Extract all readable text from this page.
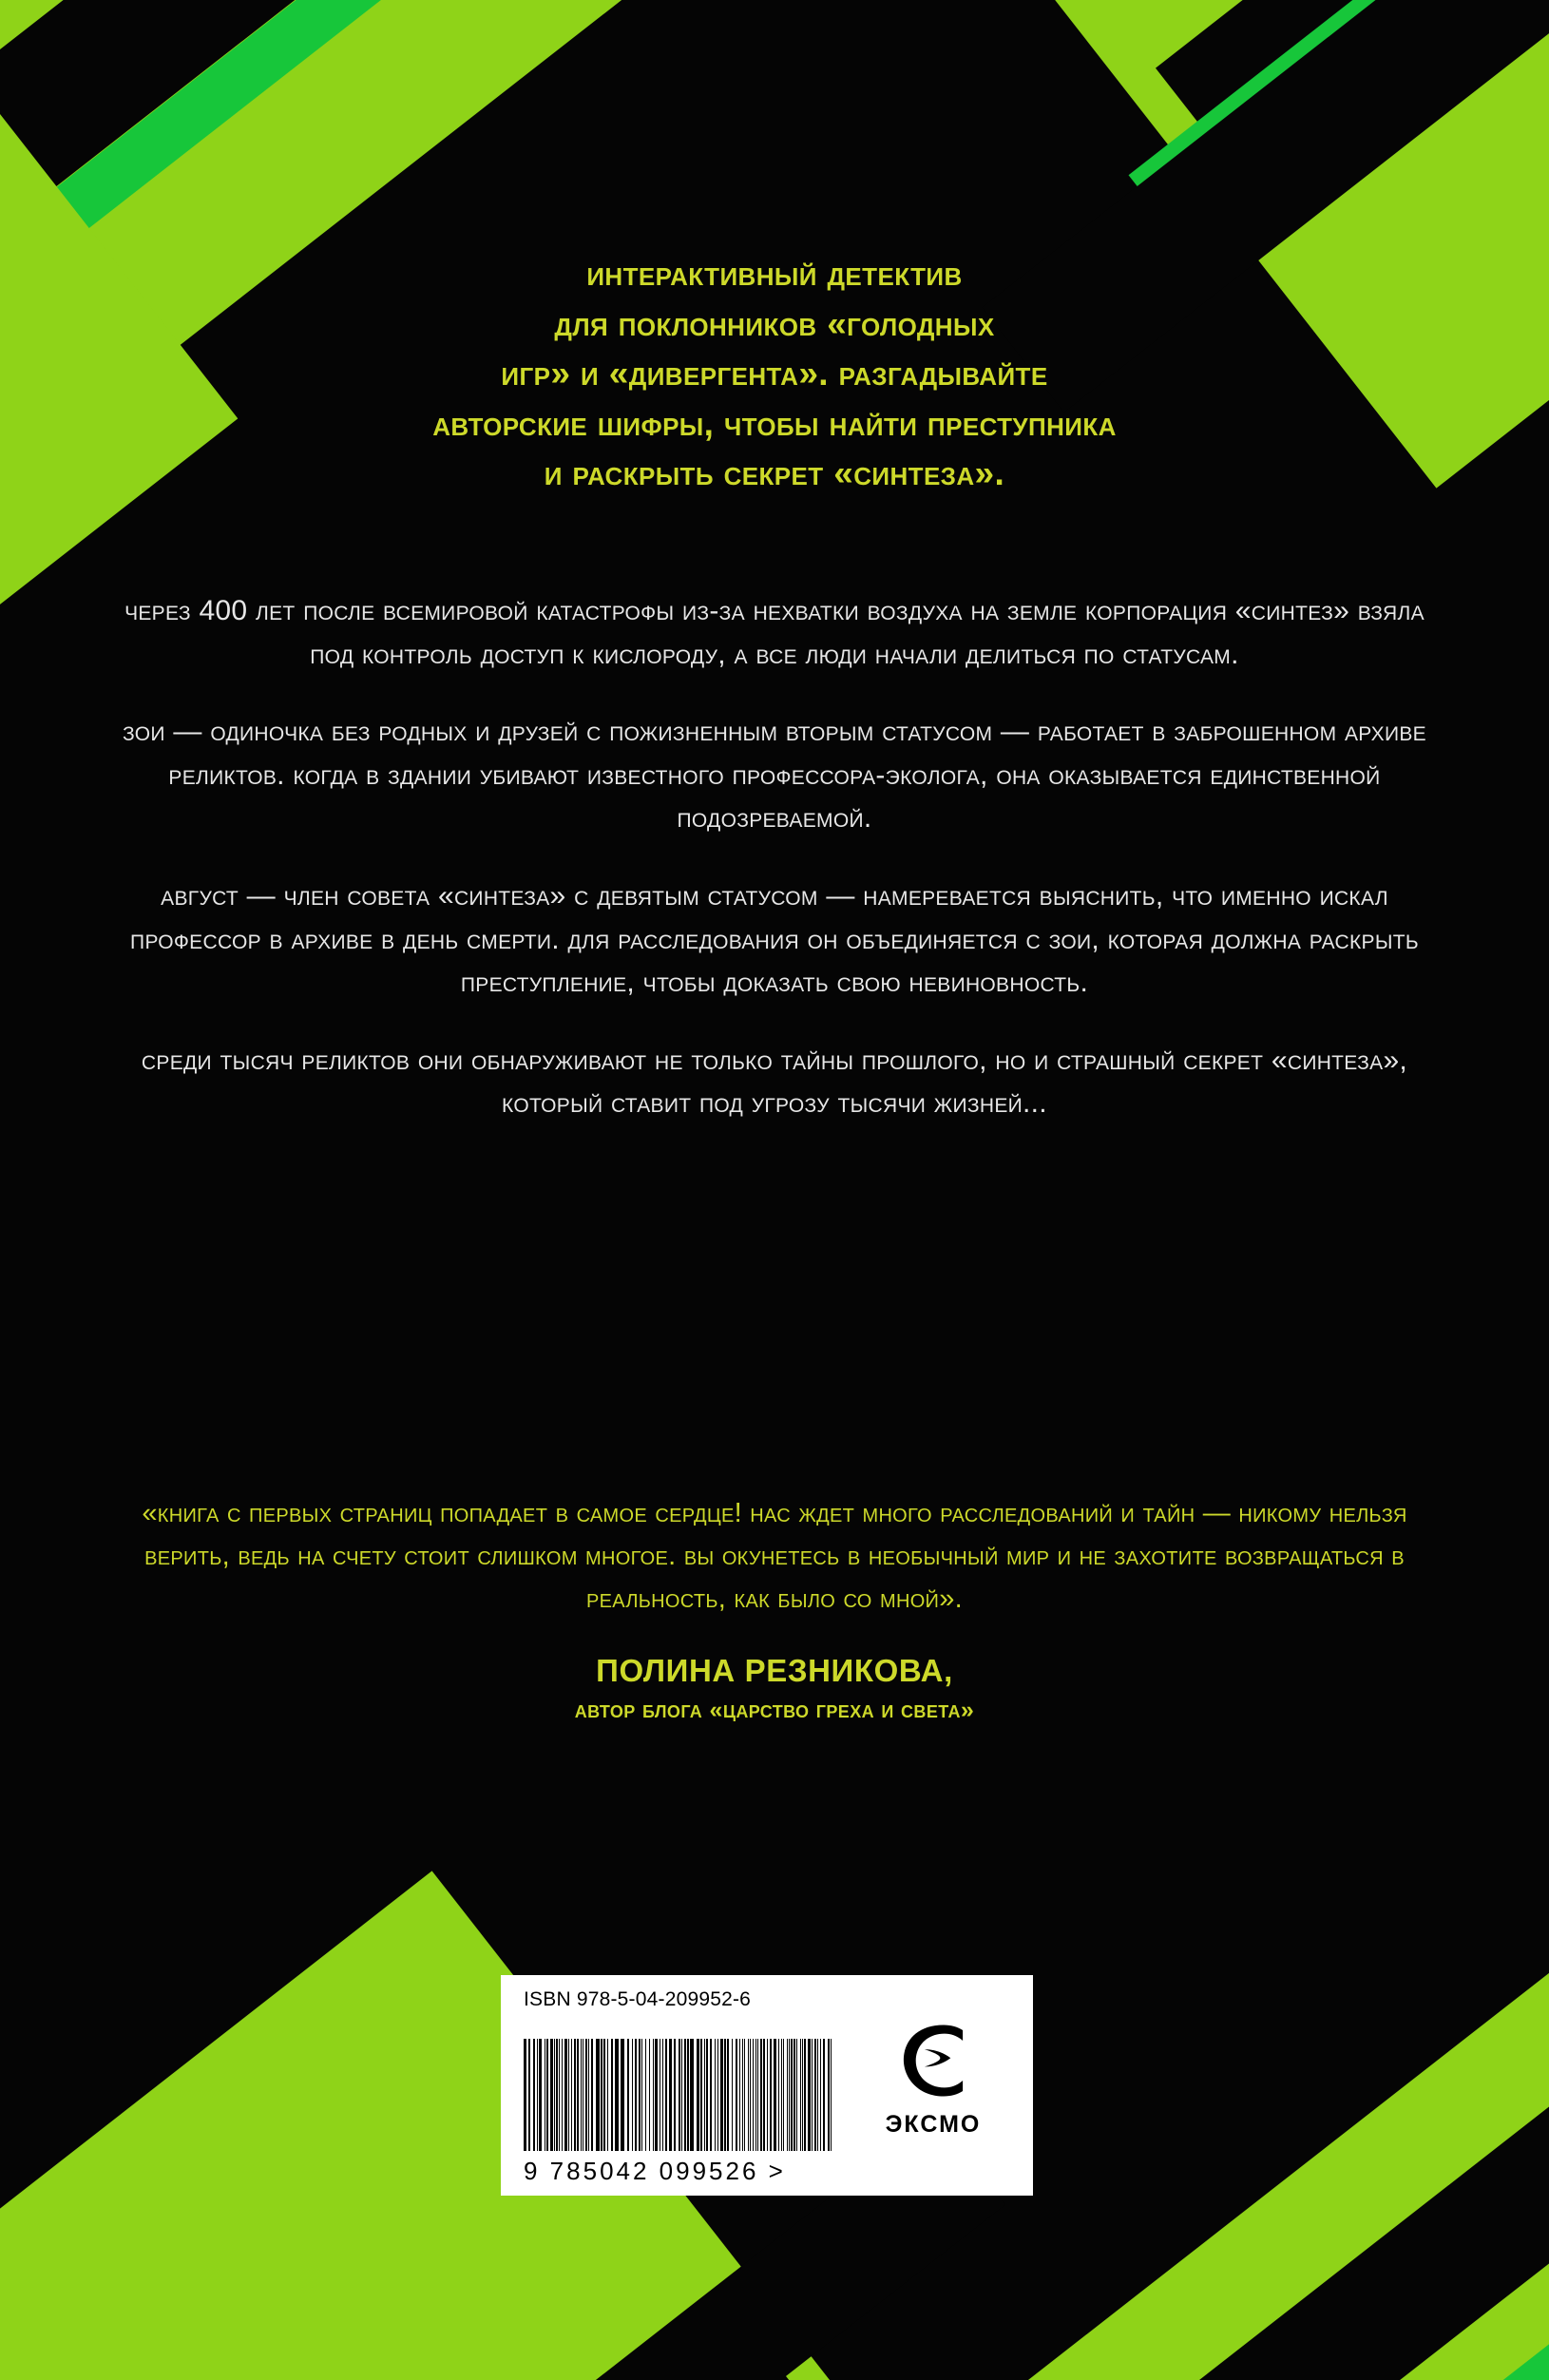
интерактивный детектив
для поклонников «голодных
игр» и «дивергента». разгадывайте
авторские шифры, чтобы найти преступника
и раскрыть секрет «синтеза».

через 400 лет после всемировой катастрофы из-за нехватки воздуха на земле корпорация «синтез» взяла под контроль доступ к кислороду, а все люди начали делиться по статусам.

зои — одиночка без родных и друзей с пожизненным вторым статусом — работает в заброшенном архиве реликтов. когда в здании убивают известного профессора-эколога, она оказывается единственной подозреваемой.

август — член совета «синтеза» с девятым статусом — намеревается выяснить, что именно искал профессор в архиве в день смерти. для расследования он объединяется с зои, которая должна раскрыть преступление, чтобы доказать свою невиновность.

среди тысяч реликтов они обнаруживают не только тайны прошлого, но и страшный секрет «синтеза», который ставит под угрозу тысячи жизней...

«книга с первых страниц попадает в самое сердце! нас ждет много расследований и тайн — никому нельзя верить, ведь на счету стоит слишком многое. вы окунетесь в необычный мир и не захотите возвращаться в реальность, как было со мной».

ПОЛИНА РЕЗНИКОВА,
автор блога «царство греха и света»
ISBN 978-5-04-209952-6
9 785042 099526 >
ЭКСМО
